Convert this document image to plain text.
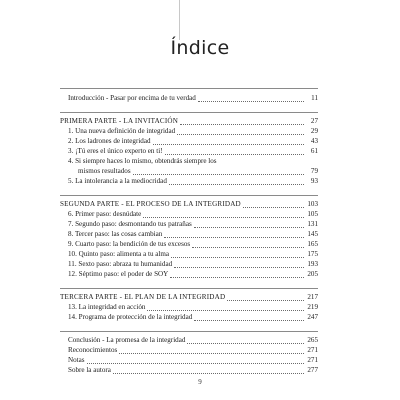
Índice
Introducción - Pasar por encima de tu verdad	11
PRIMERA PARTE - LA INVITACIÓN	27
1. Una nueva definición de integridad	29
2. Los ladrones de integridad	43
3. ¡Tú eres el único experto en ti!	61
4. Si siempre haces lo mismo, obtendrás siempre los
mismos resultados	79
5. La intolerancia a la mediocridad	93
SEGUNDA PARTE - EL PROCESO DE LA INTEGRIDAD	103
6. Primer paso: desnúdate	105
7. Segundo paso: desmontando tus patrañas	131
8. Tercer paso: las cosas cambian	145
9. Cuarto paso: la bendición de tus excesos	165
10. Quinto paso: alimenta a tu alma	175
11. Sexto paso: abraza tu humanidad	193
12. Séptimo paso: el poder de SOY	205
TERCERA PARTE - EL PLAN DE LA INTEGRIDAD	217
13. La integridad en acción	219
14. Programa de protección de la integridad	247
Conclusión - La promesa de la integridad	265
Reconocimientos	271
Notas	271
Sobre la autora	277
9
